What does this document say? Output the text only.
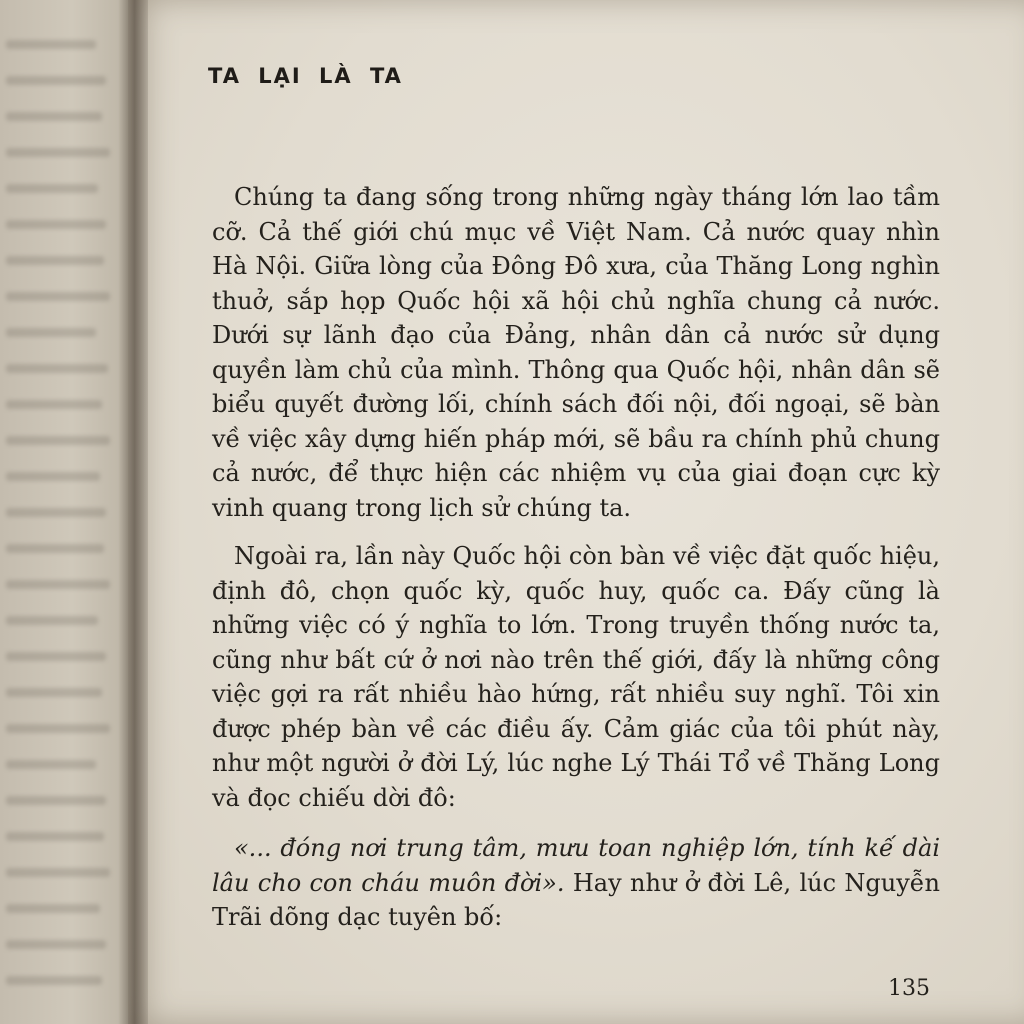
TA LẠI LÀ TA

Chúng ta đang sống trong những ngày tháng lớn lao tầm cỡ. Cả thế giới chú mục về Việt Nam. Cả nước quay nhìn Hà Nội. Giữa lòng của Đông Đô xưa, của Thăng Long nghìn thuở, sắp họp Quốc hội xã hội chủ nghĩa chung cả nước. Dưới sự lãnh đạo của Đảng, nhân dân cả nước sử dụng quyền làm chủ của mình. Thông qua Quốc hội, nhân dân sẽ biểu quyết đường lối, chính sách đối nội, đối ngoại, sẽ bàn về việc xây dựng hiến pháp mới, sẽ bầu ra chính phủ chung cả nước, để thực hiện các nhiệm vụ của giai đoạn cực kỳ vinh quang trong lịch sử chúng ta.

Ngoài ra, lần này Quốc hội còn bàn về việc đặt quốc hiệu, định đô, chọn quốc kỳ, quốc huy, quốc ca. Đấy cũng là những việc có ý nghĩa to lớn. Trong truyền thống nước ta, cũng như bất cứ ở nơi nào trên thế giới, đấy là những công việc gợi ra rất nhiều hào hứng, rất nhiều suy nghĩ. Tôi xin được phép bàn về các điều ấy. Cảm giác của tôi phút này, như một người ở đời Lý, lúc nghe Lý Thái Tổ về Thăng Long và đọc chiếu dời đô:

«... đóng nơi trung tâm, mưu toan nghiệp lớn, tính kế dài lâu cho con cháu muôn đời». Hay như ở đời Lê, lúc Nguyễn Trãi dõng dạc tuyên bố:

135
